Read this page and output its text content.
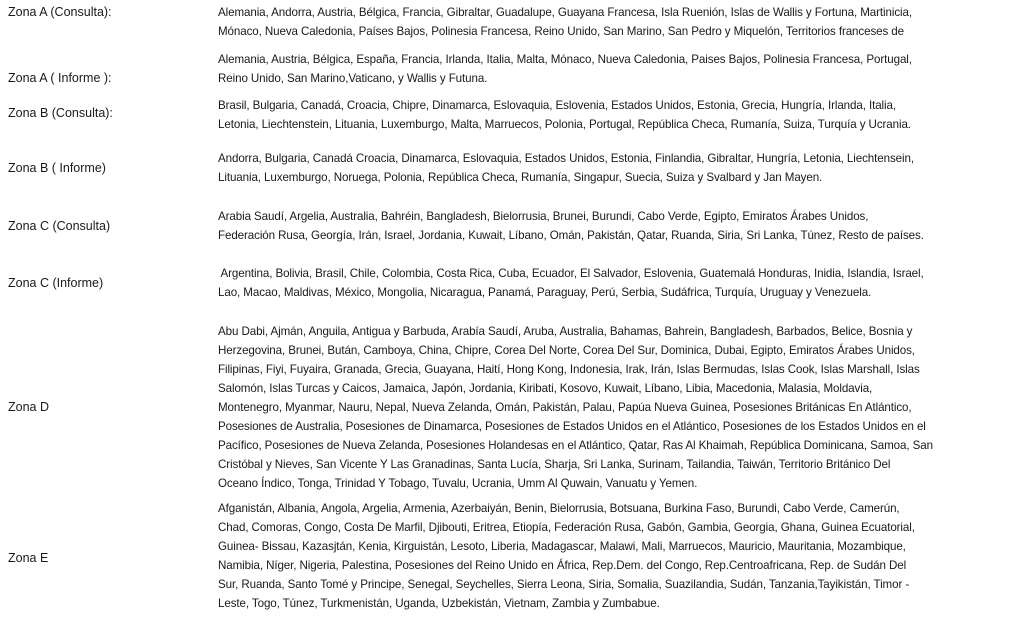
Zona A (Consulta):	Alemania, Andorra, Austria, Bélgica, Francia, Gibraltar, Guadalupe, Guayana Francesa, Isla Ruenión, Islas de Wallis y Fortuna, Martinicia,
Mónaco, Nueva Caledonia, Países Bajos, Polinesia Francesa, Reino Unido, San Marino, San Pedro y Miquelón, Territorios franceses de
Zona A ( Informe ):
Alemania, Austria, Bélgica, España, Francia, Irlanda, Italia, Malta, Mónaco, Nueva Caledonia, Paises Bajos, Polinesia Francesa, Portugal,
Reino Unido, San Marino,Vaticano, y Wallis y Futuna.
Zona B (Consulta):
Brasil, Bulgaria, Canadá, Croacia, Chipre, Dinamarca, Eslovaquia, Eslovenia, Estados Unidos, Estonia, Grecia, Hungría, Irlanda, Italia,
Letonia, Liechtenstein, Lituania, Luxemburgo, Malta, Marruecos, Polonia, Portugal, República Checa, Rumanía, Suiza, Turquía y Ucrania.
Zona B ( Informe)
Andorra, Bulgaria, Canadá Croacia, Dinamarca, Eslovaquia, Estados Unidos, Estonia, Finlandia, Gibraltar, Hungría, Letonia, Liechtensein,
Lituania, Luxemburgo, Noruega, Polonia, República Checa, Rumanía, Singapur, Suecia, Suiza y Svalbard y Jan Mayen.
Zona C (Consulta)
Arabia Saudí, Argelia, Australia, Bahréin, Bangladesh, Bielorrusia, Brunei, Burundi, Cabo Verde, Egipto, Emiratos Árabes Unidos,
Federación Rusa, Georgía, Irán, Israel, Jordania, Kuwait, Líbano, Omán, Pakistán, Qatar, Ruanda, Siria, Sri Lanka, Túnez, Resto de países.
Zona C (Informe)
Argentina, Bolivia, Brasil, Chile, Colombia, Costa Rica, Cuba, Ecuador, El Salvador, Eslovenia, Guatemalá Honduras, Inidia, Islandia, Israel,
Lao, Macao, Maldivas, México, Mongolia, Nicaragua, Panamá, Paraguay, Perú, Serbia, Sudáfrica, Turquía, Uruguay y Venezuela.
Zona D
Abu Dabi, Ajmán, Anguila, Antigua y Barbuda, Arabía Saudí, Aruba, Australia, Bahamas, Bahrein, Bangladesh, Barbados, Belice, Bosnia y
Herzegovina, Brunei, Bután, Camboya, China, Chipre, Corea Del Norte, Corea Del Sur, Dominica, Dubai, Egipto, Emiratos Árabes Unidos,
Filipinas, Fiyi, Fuyaira, Granada, Grecia, Guayana, Haití, Hong Kong, Indonesia, Irak, Irán, Islas Bermudas, Islas Cook, Islas Marshall, Islas
Salomón, Islas Turcas y Caicos, Jamaica, Japón, Jordania, Kiribati, Kosovo, Kuwait, Líbano, Libia, Macedonia, Malasia, Moldavia,
Montenegro, Myanmar, Nauru, Nepal, Nueva Zelanda, Omán, Pakistán, Palau, Papúa Nueva Guinea, Posesiones Británicas En Atlántico,
Posesiones de Australia, Posesiones de Dinamarca, Posesiones de Estados Unidos en el Atlántico, Posesiones de los Estados Unidos en el
Pacífico, Posesiones de Nueva Zelanda, Posesiones Holandesas en el Atlántico, Qatar, Ras Al Khaimah, República Dominicana, Samoa, San
Cristóbal y Nieves, San Vicente Y Las Granadinas, Santa Lucía, Sharja, Sri Lanka, Surinam, Tailandia, Taiwán, Territorio Británico Del
Oceano Índico, Tonga, Trinidad Y Tobago, Tuvalu, Ucrania, Umm Al Quwain, Vanuatu y Yemen.
Zona E
Afganistán, Albania, Angola, Argelia, Armenia, Azerbaiyán, Benin, Bielorrusia, Botsuana, Burkina Faso, Burundi, Cabo Verde, Camerún,
Chad, Comoras, Congo, Costa De Marfil, Djibouti, Eritrea, Etiopía, Federación Rusa, Gabón, Gambia, Georgia, Ghana, Guinea Ecuatorial,
Guinea- Bissau, Kazasjtán, Kenia, Kirguistán, Lesoto, Liberia, Madagascar, Malawi, Mali, Marruecos, Mauricio, Mauritania, Mozambique,
Namibia, Níger, Nigeria, Palestina, Posesiones del Reino Unido en África, Rep.Dem. del Congo, Rep.Centroafricana, Rep. de Sudán Del
Sur, Ruanda, Santo Tomé y Principe, Senegal, Seychelles, Sierra Leona, Siria, Somalia, Suazilandia, Sudán, Tanzania,Tayikistán, Timor -
Leste, Togo, Túnez, Turkmenistán, Uganda, Uzbekistán, Vietnam, Zambia y Zumbabue.
